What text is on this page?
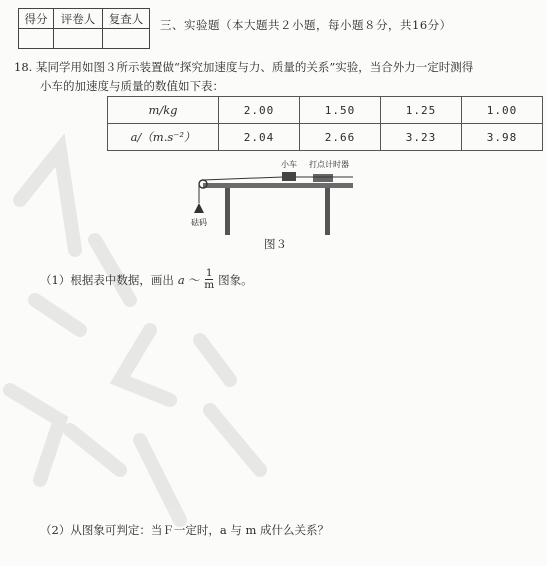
得分	评卷人	复查人
		三、实验题（本大题共２小题，每小题８分，共16分）
18. 某同学用如图３所示装置做“探究加速度与力、质量的关系”实验，当合外力一定时测得
小车的加速度与质量的数值如下表：
m/kg	2.00	1.50	1.25	1.00
a/（m.s⁻²）	2.04	2.66	3.23	3.98
小车 打点计时器
砝码
图３
（1）根据表中数据，画出 a ～ $\frac{1}{m}$ 图象。
（2）从图象可判定：当Ｆ一定时，a 与 m 成什么关系？
